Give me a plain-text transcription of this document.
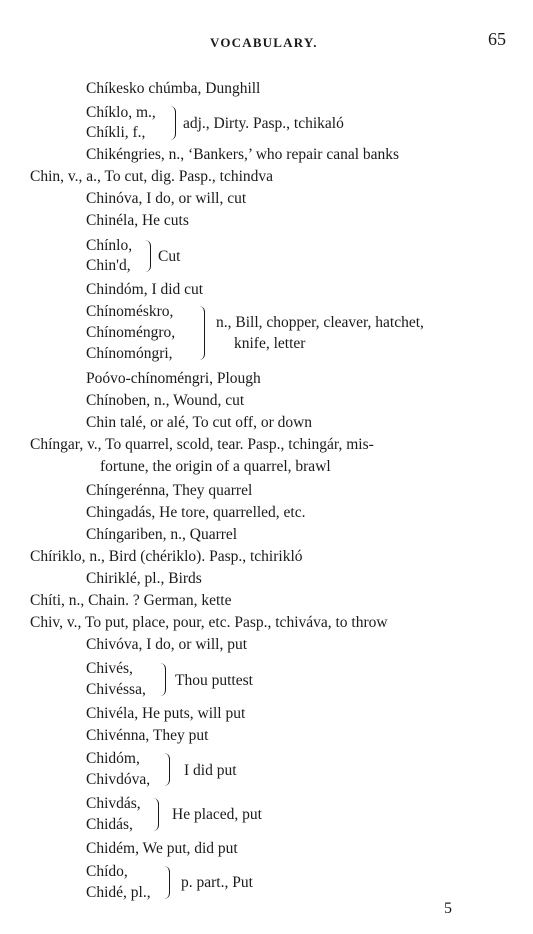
VOCABULARY.	65
Chíkesko chúmba, Dunghill
Chíklo, m.,
Chíkli, f.,
adj., Dirty. Pasp., tchikaló
Chikéngries, n., ‘Bankers,’ who repair canal banks
Chin, v., a., To cut, dig. Pasp., tchindva
Chinóva, I do, or will, cut
Chinéla, He cuts
Chínlo,
Chin'd,
Cut
Chindóm, I did cut
Chínoméskro,
Chínoméngro,
Chínomóngri,
n., Bill, chopper, cleaver, hatchet,
knife, letter
Poóvo-chínoméngri, Plough
Chínoben, n., Wound, cut
Chin talé, or alé, To cut off, or down
Chíngar, v., To quarrel, scold, tear. Pasp., tchingár, mis-
fortune, the origin of a quarrel, brawl
Chíngerénna, They quarrel
Chingadás, He tore, quarrelled, etc.
Chíngariben, n., Quarrel
Chíriklo, n., Bird (chériklo). Pasp., tchirikló
Chiriklé, pl., Birds
Chíti, n., Chain. ? German, kette
Chiv, v., To put, place, pour, etc. Pasp., tchiváva, to throw
Chivóva, I do, or will, put
Chivés,
Chivéssa,
Thou puttest
Chivéla, He puts, will put
Chivénna, They put
Chidóm,
Chivdóva,
I did put
Chivdás,
Chidás,
He placed, put
Chidém, We put, did put
Chído,
Chidé, pl.,
p. part., Put
5
